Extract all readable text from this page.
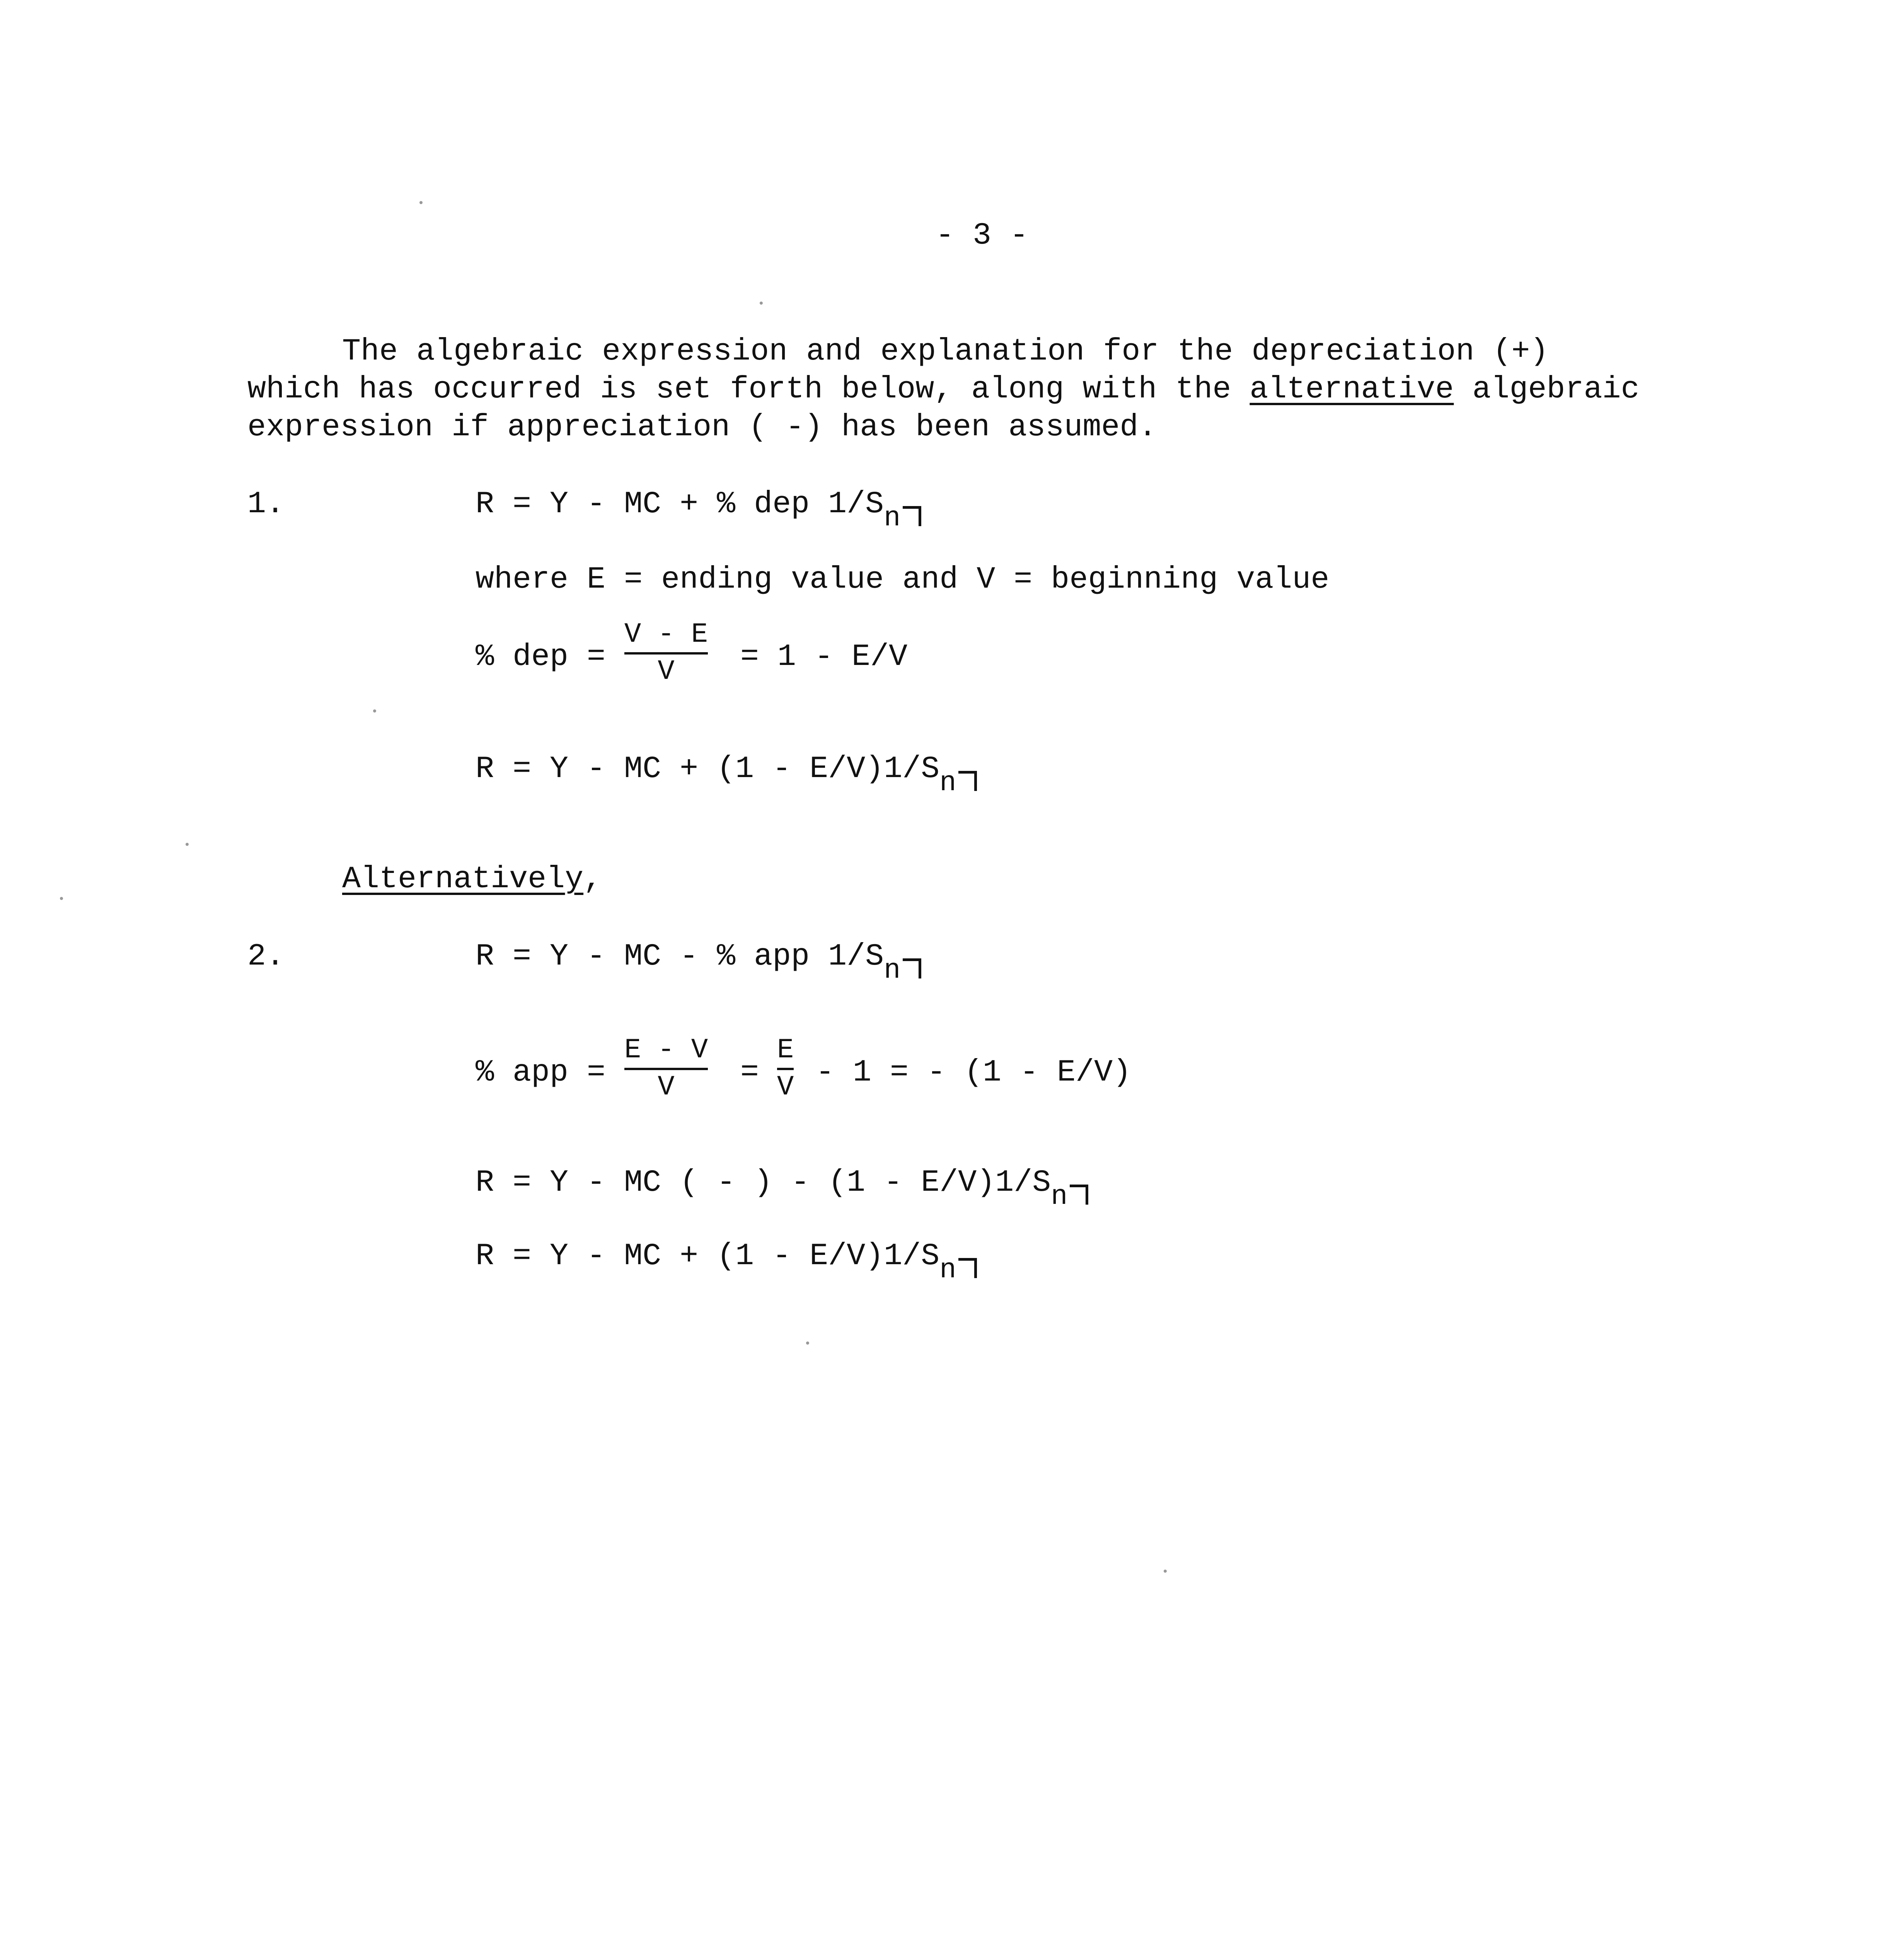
- 3 -
The algebraic expression and explanation for the depreciation (+)
which has occurred is set forth below, along with the alternative algebraic
expression if appreciation ( -) has been assumed.
1.	R = Y - MC + % dep 1/Sn
where E = ending value and V = beginning value
% dep =
V - E
V = 1 - E/V
R = Y - MC + (1 - E/V)1/Sn
Alternatively,
2.	R = Y - MC - % app 1/Sn
% app =
E - V
V =
E
V - 1 = - (1 - E/V)
R = Y - MC ( - ) - (1 - E/V)1/Sn
R = Y - MC + (1 - E/V)1/Sn
